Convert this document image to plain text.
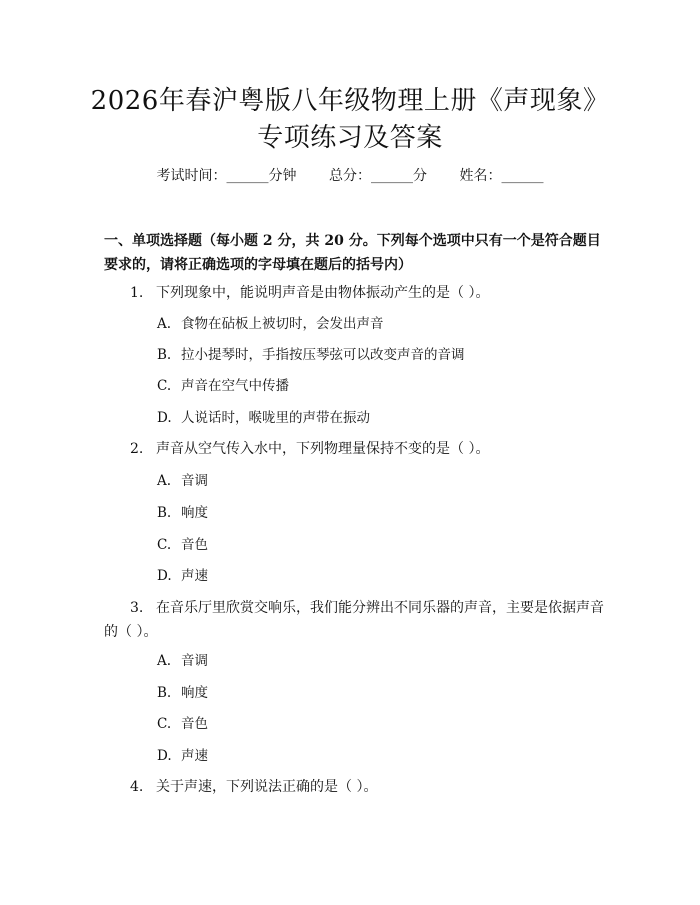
2026年春沪粤版八年级物理上册《声现象》
专项练习及答案
考试时间：______分钟 总分：______分 姓名：______
一、单项选择题（每小题 2 分，共 20 分。下列每个选项中只有一个是符合题目要求的，请将正确选项的字母填在题后的括号内）
1. 下列现象中，能说明声音是由物体振动产生的是（ ）。
A. 食物在砧板上被切时，会发出声音
B. 拉小提琴时，手指按压琴弦可以改变声音的音调
C. 声音在空气中传播
D. 人说话时，喉咙里的声带在振动
2. 声音从空气传入水中，下列物理量保持不变的是（ ）。
A. 音调
B. 响度
C. 音色
D. 声速
3. 在音乐厅里欣赏交响乐，我们能分辨出不同乐器的声音，主要是依据声音的（ ）。
A. 音调
B. 响度
C. 音色
D. 声速
4. 关于声速，下列说法正确的是（ ）。
